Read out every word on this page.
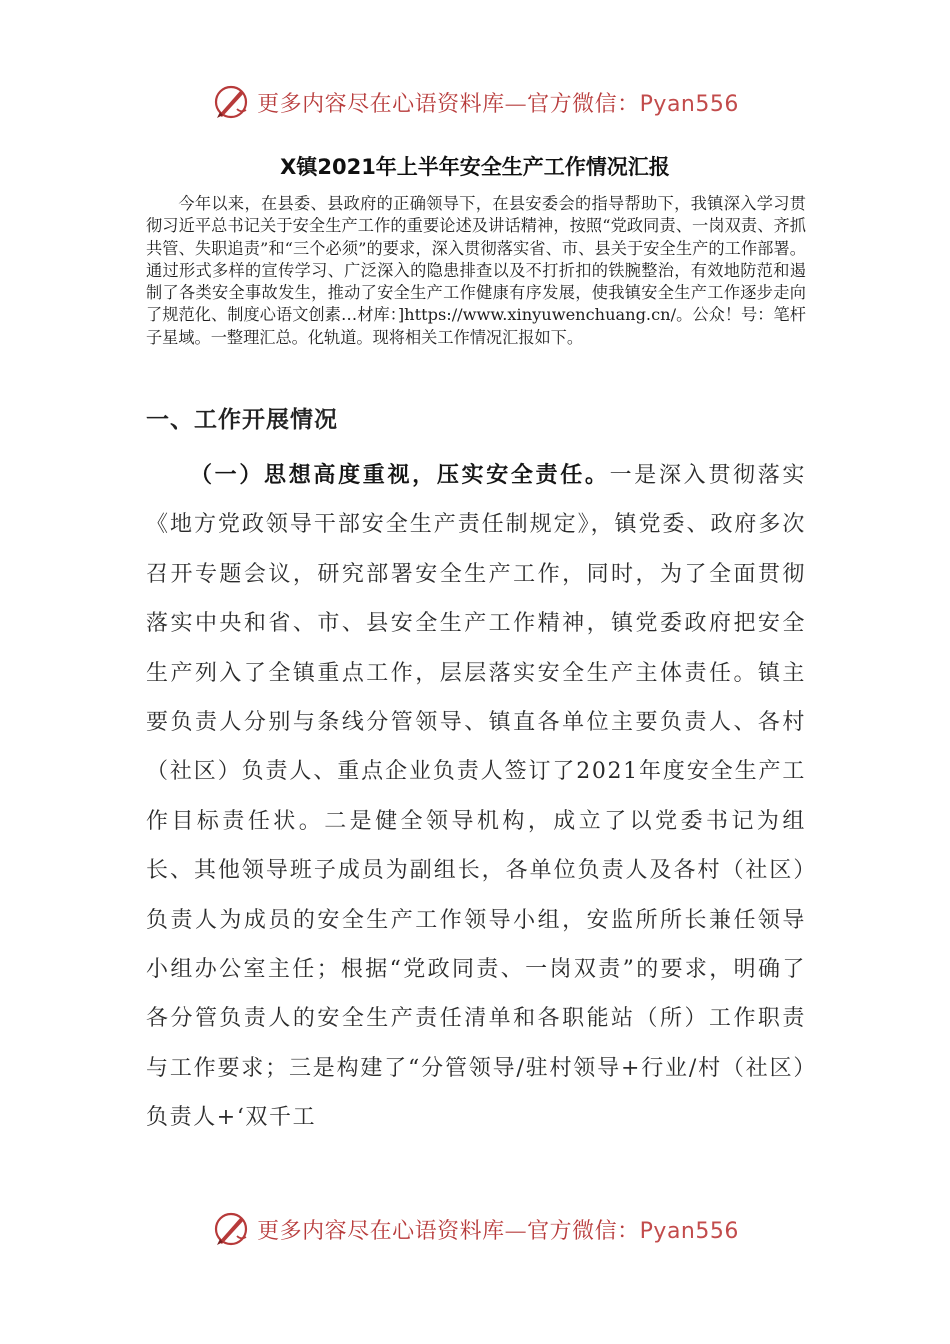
更多内容尽在心语资料库—官方微信：Pyan556
X镇2021年上半年安全生产工作情况汇报

今年以来，在县委、县政府的正确领导下，在县安委会的指导帮助下，我镇深入学习贯彻习近平总书记关于安全生产工作的重要论述及讲话精神，按照“党政同责、一岗双责、齐抓共管、失职追责”和“三个必须”的要求，深入贯彻落实省、市、县关于安全生产的工作部署。通过形式多样的宣传学习、广泛深入的隐患排查以及不打折扣的铁腕整治，有效地防范和遏制了各类安全事故发生，推动了安全生产工作健康有序发展，使我镇安全生产工作逐步走向了规范化、制度心语文创素…材库：]https://www.xinyuwenchuang.cn/。公众！号：笔杆子星域。一整理汇总。化轨道。现将相关工作情况汇报如下。

一、工作开展情况

（一）思想高度重视，压实安全责任。一是深入贯彻落实《地方党政领导干部安全生产责任制规定》，镇党委、政府多次召开专题会议，研究部署安全生产工作，同时，为了全面贯彻落实中央和省、市、县安全生产工作精神，镇党委政府把安全生产列入了全镇重点工作，层层落实安全生产主体责任。镇主要负责人分别与条线分管领导、镇直各单位主要负责人、各村（社区）负责人、重点企业负责人签订了2021年度安全生产工作目标责任状。二是健全领导机构，成立了以党委书记为组长、其他领导班子成员为副组长，各单位负责人及各村（社区）负责人为成员的安全生产工作领导小组，安监所所长兼任领导小组办公室主任；根据“党政同责、一岗双责”的要求，明确了各分管负责人的安全生产责任清单和各职能站（所）工作职责与工作要求；三是构建了“分管领导/驻村领导+行业/村（社区）负责人+‘双千工

更多内容尽在心语资料库—官方微信：Pyan556
